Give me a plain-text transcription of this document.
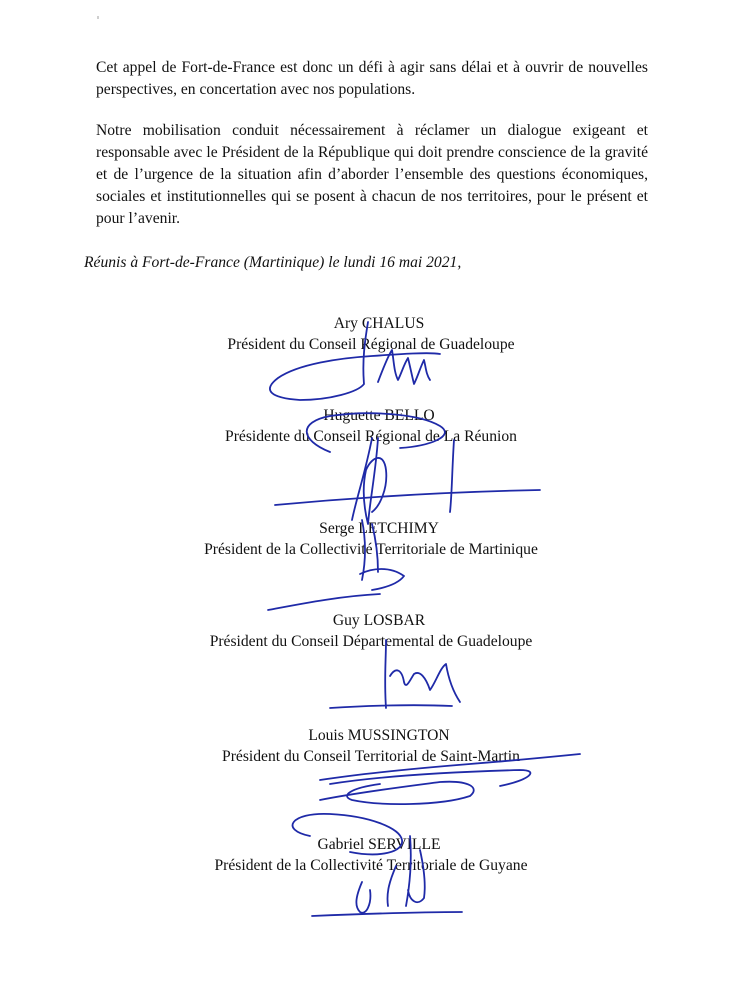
Cet appel de Fort-de-France est donc un défi à agir sans délai et à ouvrir de nouvelles perspectives, en concertation avec nos populations.

Notre mobilisation conduit nécessairement à réclamer un dialogue exigeant et responsable avec le Président de la République qui doit prendre conscience de la gravité et de l’urgence de la situation afin d’aborder l’ensemble des questions économiques, sociales et institutionnelles qui se posent à chacun de nos territoires, pour le présent et pour l’avenir.

Réunis à Fort-de-France (Martinique) le lundi 16 mai 2021,

Ary CHALUS
Président du Conseil Régional de Guadeloupe
Huguette BELLO
Présidente du Conseil Régional de La Réunion
Serge LETCHIMY
Président de la Collectivité Territoriale de Martinique
Guy LOSBAR
Président du Conseil Départemental de Guadeloupe
Louis MUSSINGTON
Président du Conseil Territorial de Saint-Martin
Gabriel SERVILLE
Président de la Collectivité Territoriale de Guyane
